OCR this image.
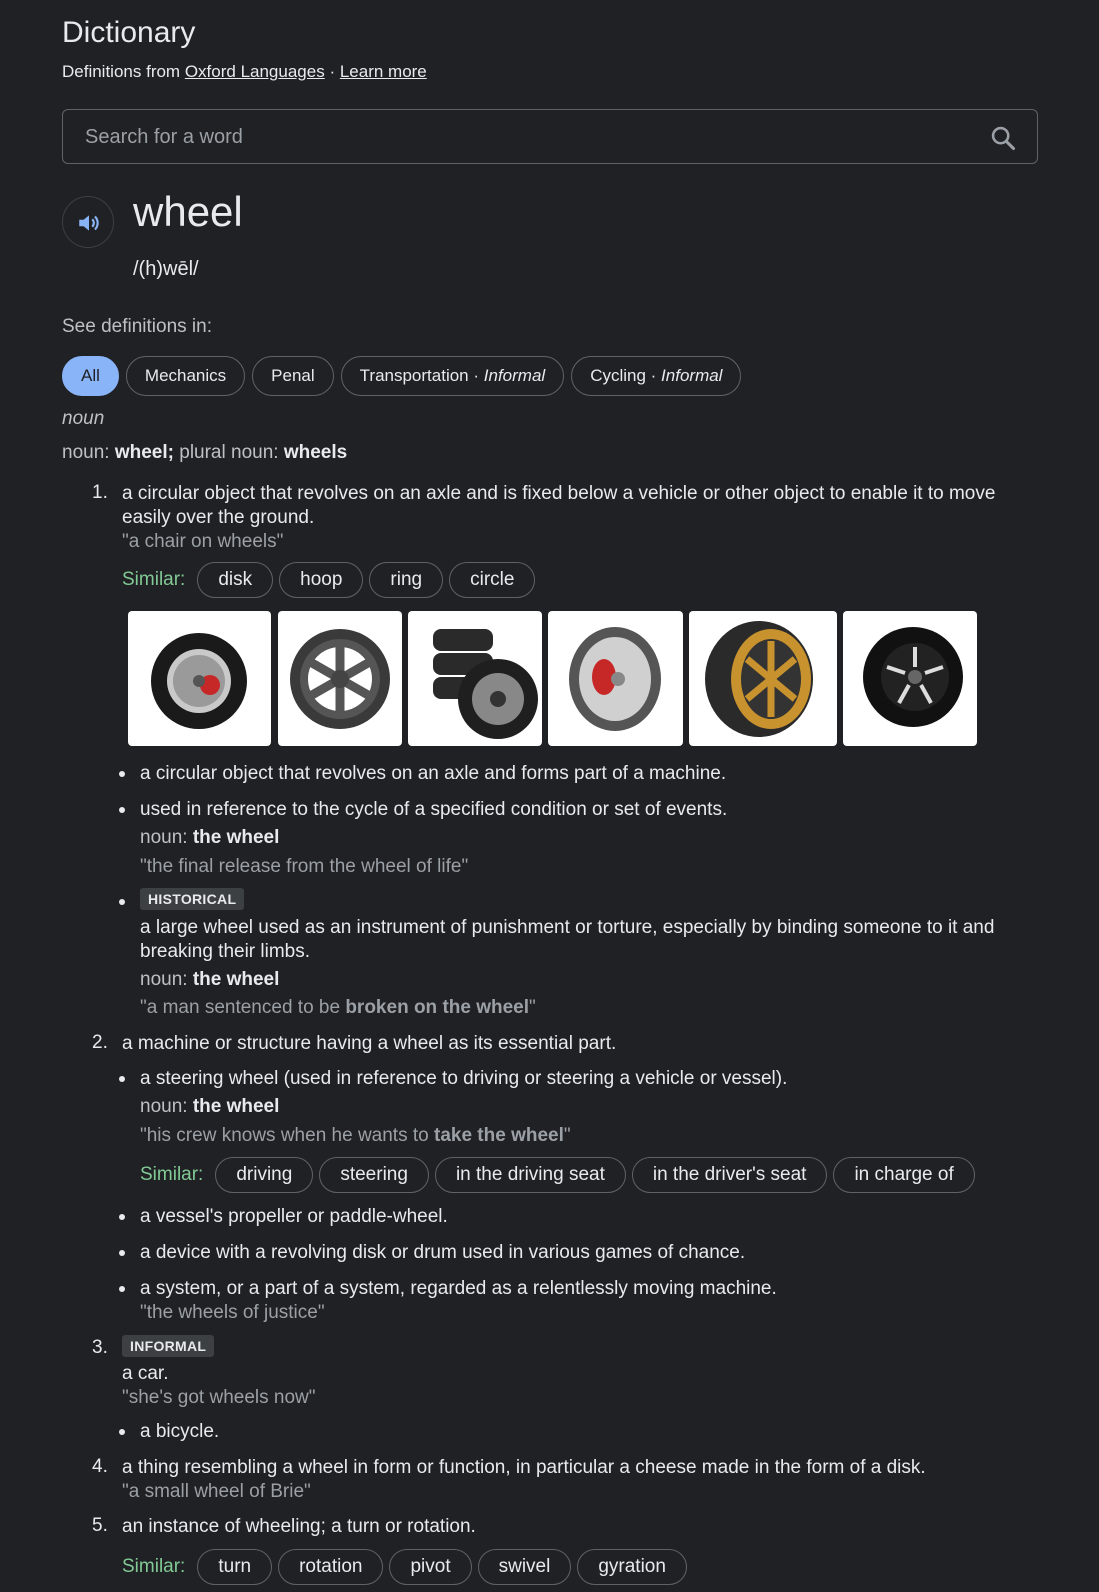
Dictionary
Definitions from Oxford Languages · Learn more
Search for a word
wheel
/(h)wēl/
See definitions in:
All	Mechanics	Penal	Transportation ·
Informal	Cycling ·
Informal
noun
noun: wheel; plural noun: wheels
1. a circular object that revolves on an axle and is fixed below a vehicle or other object to enable it to move easily over the ground.
"a chair on wheels"
Similar:	disk	hoop	ring	circle
a circular object that revolves on an axle and forms part of a machine.
used in reference to the cycle of a specified condition or set of events.
noun: the wheel
"the final release from the wheel of life"
HISTORICAL
a large wheel used as an instrument of punishment or torture, especially by binding someone to it and breaking their limbs.
noun: the wheel
"a man sentenced to be broken on the wheel"
2. a machine or structure having a wheel as its essential part.
a steering wheel (used in reference to driving or steering a vehicle or vessel).
noun: the wheel
"his crew knows when he wants to take the wheel"
Similar:	driving	steering	in the driving seat	in the driver's seat	in charge of
a vessel's propeller or paddle-wheel.
a device with a revolving disk or drum used in various games of chance.
a system, or a part of a system, regarded as a relentlessly moving machine.
"the wheels of justice"
3.	INFORMAL
a car.
"she's got wheels now"
a bicycle.
4. a thing resembling a wheel in form or function, in particular a cheese made in the form of a disk.
"a small wheel of Brie"
5. an instance of wheeling; a turn or rotation.
Similar:	turn	rotation	pivot	swivel	gyration
